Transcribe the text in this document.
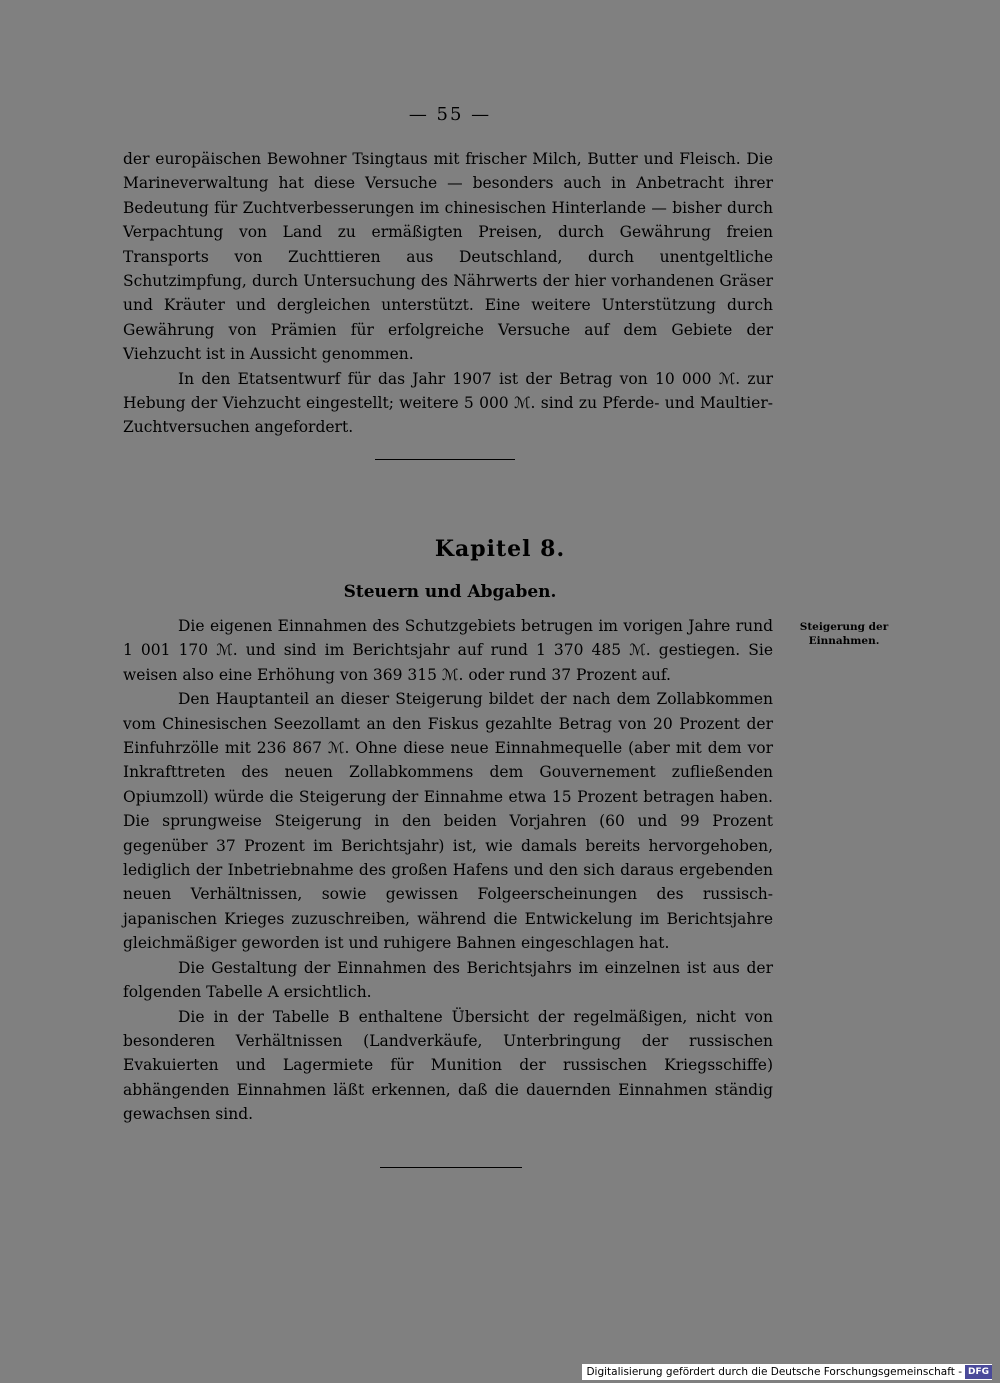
— 55 —

der europäischen Bewohner Tsingtaus mit frischer Milch, Butter und Fleisch. Die Marineverwaltung hat diese Versuche — besonders auch in Anbetracht ihrer Bedeutung für Zuchtverbesserungen im chinesischen Hinterlande — bisher durch Verpachtung von Land zu ermäßigten Preisen, durch Gewährung freien Transports von Zuchttieren aus Deutschland, durch unentgeltliche Schutzimpfung, durch Untersuchung des Nährwerts der hier vorhandenen Gräser und Kräuter und dergleichen unterstützt. Eine weitere Unterstützung durch Gewährung von Prämien für erfolgreiche Versuche auf dem Gebiete der Viehzucht ist in Aussicht genommen.

In den Etatsentwurf für das Jahr 1907 ist der Betrag von 10 000 ℳ. zur Hebung der Viehzucht eingestellt; weitere 5 000 ℳ. sind zu Pferde- und Maultier-Zuchtversuchen angefordert.

Kapitel 8.
Steuern und Abgaben.
Steigerung der Einnahmen.

Die eigenen Einnahmen des Schutzgebiets betrugen im vorigen Jahre rund 1 001 170 ℳ. und sind im Berichtsjahr auf rund 1 370 485 ℳ. gestiegen. Sie weisen also eine Erhöhung von 369 315 ℳ. oder rund 37 Prozent auf.

Den Hauptanteil an dieser Steigerung bildet der nach dem Zollabkommen vom Chinesischen Seezollamt an den Fiskus gezahlte Betrag von 20 Prozent der Einfuhrzölle mit 236 867 ℳ. Ohne diese neue Einnahmequelle (aber mit dem vor Inkrafttreten des neuen Zollabkommens dem Gouvernement zufließenden Opiumzoll) würde die Steigerung der Einnahme etwa 15 Prozent betragen haben. Die sprungweise Steigerung in den beiden Vorjahren (60 und 99 Prozent gegenüber 37 Prozent im Berichtsjahr) ist, wie damals bereits hervorgehoben, lediglich der Inbetriebnahme des großen Hafens und den sich daraus ergebenden neuen Verhältnissen, sowie gewissen Folgeerscheinungen des russisch-japanischen Krieges zuzuschreiben, während die Entwickelung im Berichtsjahre gleichmäßiger geworden ist und ruhigere Bahnen eingeschlagen hat.

Die Gestaltung der Einnahmen des Berichtsjahrs im einzelnen ist aus der folgenden Tabelle A ersichtlich.

Die in der Tabelle B enthaltene Übersicht der regelmäßigen, nicht von besonderen Verhältnissen (Landverkäufe, Unterbringung der russischen Evakuierten und Lagermiete für Munition der russischen Kriegsschiffe) abhängenden Einnahmen läßt erkennen, daß die dauernden Einnahmen ständig gewachsen sind.

Digitalisierung gefördert durch die Deutsche Forschungsgemeinschaft - DFG
